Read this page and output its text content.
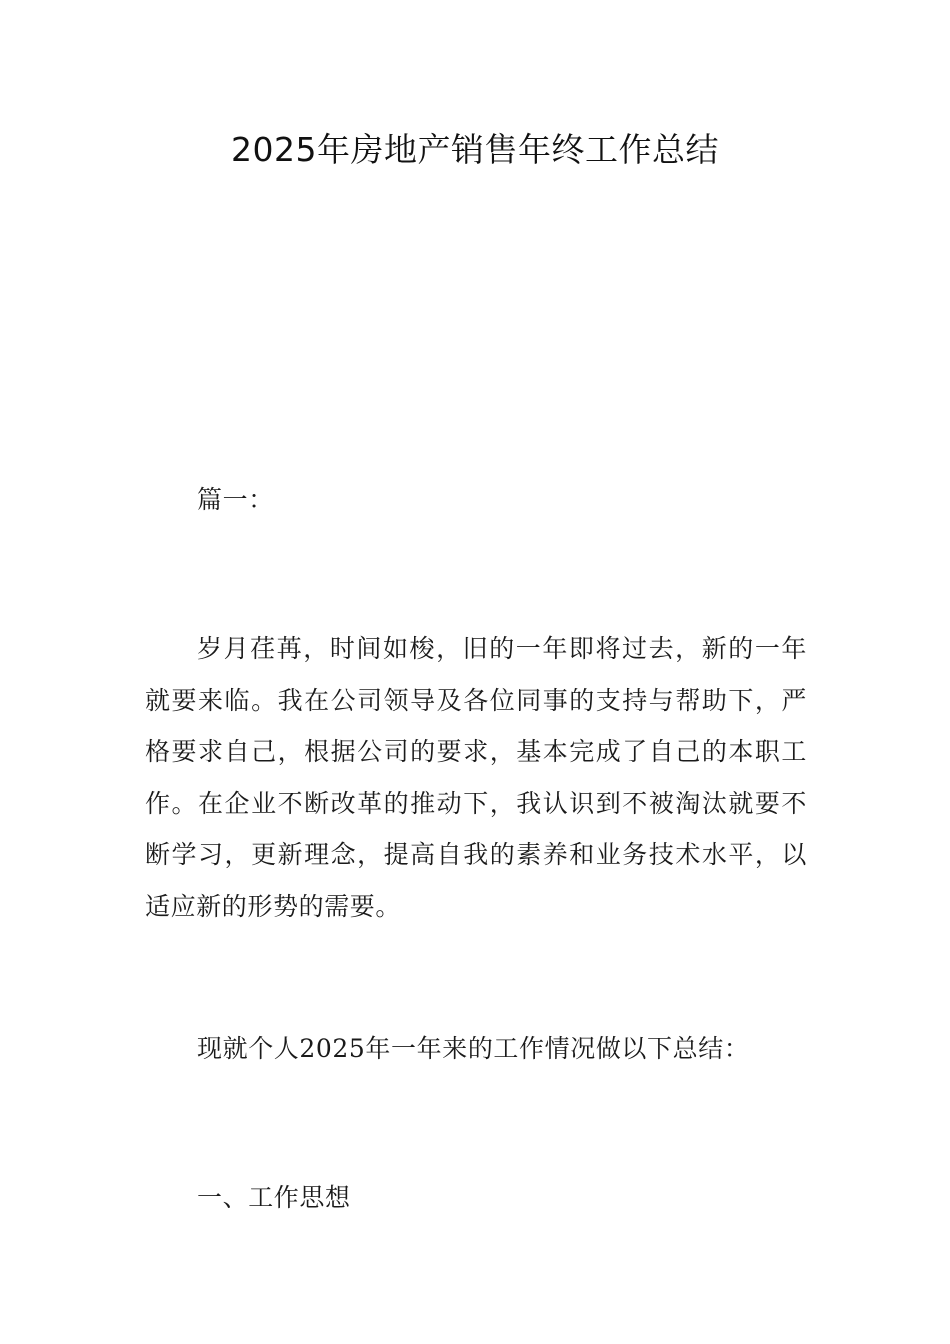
2025年房地产销售年终工作总结

篇一：

岁月荏苒，时间如梭，旧的一年即将过去，新的一年就要来临。我在公司领导及各位同事的支持与帮助下，严格要求自己，根据公司的要求，基本完成了自己的本职工作。在企业不断改革的推动下，我认识到不被淘汰就要不断学习，更新理念，提高自我的素养和业务技术水平，以适应新的形势的需要。

现就个人2025年一年来的工作情况做以下总结：

一、工作思想
